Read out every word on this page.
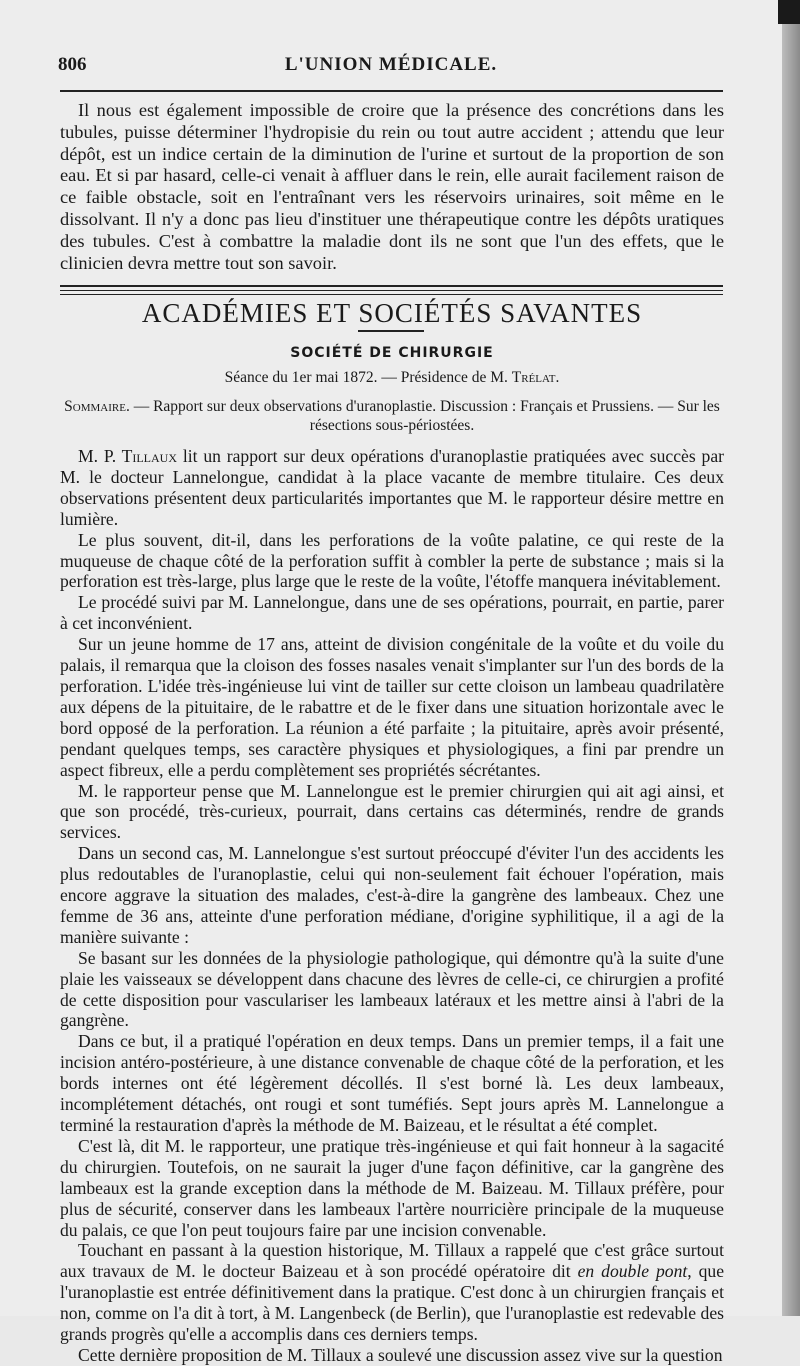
806	L'UNION MÉDICALE.

Il nous est également impossible de croire que la présence des concrétions dans les tubules, puisse déterminer l'hydropisie du rein ou tout autre accident ; attendu que leur dépôt, est un indice certain de la diminution de l'urine et surtout de la proportion de son eau. Et si par hasard, celle-ci venait à affluer dans le rein, elle aurait facilement raison de ce faible obstacle, soit en l'entraînant vers les réservoirs urinaires, soit même en le dissolvant. Il n'y a donc pas lieu d'instituer une thérapeutique contre les dépôts uratiques des tubules. C'est à combattre la maladie dont ils ne sont que l'un des effets, que le clinicien devra mettre tout son savoir.

ACADÉMIES ET SOCIÉTÉS SAVANTES
SOCIÉTÉ DE CHIRURGIE
Séance du 1er mai 1872. — Présidence de M. Trélat.
Sommaire. — Rapport sur deux observations d'uranoplastie. Discussion : Français et Prussiens. — Sur les résections sous-périostées.

M. P. Tillaux lit un rapport sur deux opérations d'uranoplastie pratiquées avec succès par M. le docteur Lannelongue, candidat à la place vacante de membre titulaire. Ces deux observations présentent deux particularités importantes que M. le rapporteur désire mettre en lumière.

Le plus souvent, dit-il, dans les perforations de la voûte palatine, ce qui reste de la muqueuse de chaque côté de la perforation suffit à combler la perte de substance ; mais si la perforation est très-large, plus large que le reste de la voûte, l'étoffe manquera inévitablement.

Le procédé suivi par M. Lannelongue, dans une de ses opérations, pourrait, en partie, parer à cet inconvénient.

Sur un jeune homme de 17 ans, atteint de division congénitale de la voûte et du voile du palais, il remarqua que la cloison des fosses nasales venait s'implanter sur l'un des bords de la perforation. L'idée très-ingénieuse lui vint de tailler sur cette cloison un lambeau quadrilatère aux dépens de la pituitaire, de le rabattre et de le fixer dans une situation horizontale avec le bord opposé de la perforation. La réunion a été parfaite ; la pituitaire, après avoir présenté, pendant quelques temps, ses caractère physiques et physiologiques, a fini par prendre un aspect fibreux, elle a perdu complètement ses propriétés sécrétantes.

M. le rapporteur pense que M. Lannelongue est le premier chirurgien qui ait agi ainsi, et que son procédé, très-curieux, pourrait, dans certains cas déterminés, rendre de grands services.

Dans un second cas, M. Lannelongue s'est surtout préoccupé d'éviter l'un des accidents les plus redoutables de l'uranoplastie, celui qui non-seulement fait échouer l'opération, mais encore aggrave la situation des malades, c'est-à-dire la gangrène des lambeaux. Chez une femme de 36 ans, atteinte d'une perforation médiane, d'origine syphilitique, il a agi de la manière suivante :

Se basant sur les données de la physiologie pathologique, qui démontre qu'à la suite d'une plaie les vaisseaux se développent dans chacune des lèvres de celle-ci, ce chirurgien a profité de cette disposition pour vasculariser les lambeaux latéraux et les mettre ainsi à l'abri de la gangrène.

Dans ce but, il a pratiqué l'opération en deux temps. Dans un premier temps, il a fait une incision antéro-postérieure, à une distance convenable de chaque côté de la perforation, et les bords internes ont été légèrement décollés. Il s'est borné là. Les deux lambeaux, incomplétement détachés, ont rougi et sont tuméfiés. Sept jours après M. Lannelongue a terminé la restauration d'après la méthode de M. Baizeau, et le résultat a été complet.

C'est là, dit M. le rapporteur, une pratique très-ingénieuse et qui fait honneur à la sagacité du chirurgien. Toutefois, on ne saurait la juger d'une façon définitive, car la gangrène des lambeaux est la grande exception dans la méthode de M. Baizeau. M. Tillaux préfère, pour plus de sécurité, conserver dans les lambeaux l'artère nourricière principale de la muqueuse du palais, ce que l'on peut toujours faire par une incision convenable.

Touchant en passant à la question historique, M. Tillaux a rappelé que c'est grâce surtout aux travaux de M. le docteur Baizeau et à son procédé opératoire dit en double pont, que l'uranoplastie est entrée définitivement dans la pratique. C'est donc à un chirurgien français et non, comme on l'a dit à tort, à M. Langenbeck (de Berlin), que l'uranoplastie est redevable des grands progrès qu'elle a accomplis dans ces derniers temps.

Cette dernière proposition de M. Tillaux a soulevé une discussion assez vive sur la question
